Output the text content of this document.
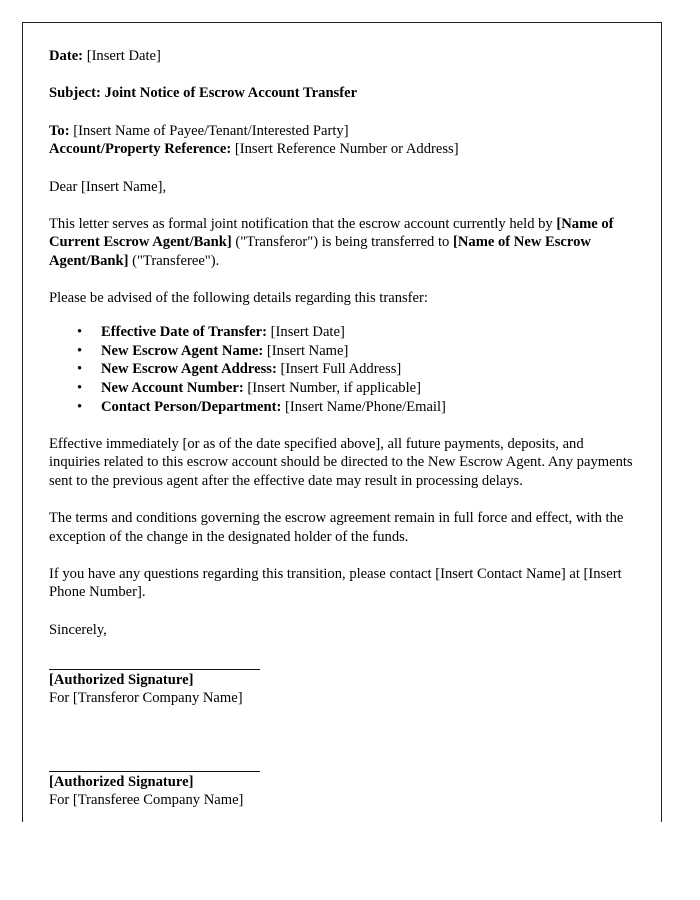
Date: [Insert Date]
Subject: Joint Notice of Escrow Account Transfer
To: [Insert Name of Payee/Tenant/Interested Party]
Account/Property Reference: [Insert Reference Number or Address]
Dear [Insert Name],
This letter serves as formal joint notification that the escrow account currently held by [Name of Current Escrow Agent/Bank] ("Transferor") is being transferred to [Name of New Escrow Agent/Bank] ("Transferee").
Please be advised of the following details regarding this transfer:
• Effective Date of Transfer: [Insert Date]
• New Escrow Agent Name: [Insert Name]
• New Escrow Agent Address: [Insert Full Address]
• New Account Number: [Insert Number, if applicable]
• Contact Person/Department: [Insert Name/Phone/Email]
Effective immediately [or as of the date specified above], all future payments, deposits, and inquiries related to this escrow account should be directed to the New Escrow Agent. Any payments sent to the previous agent after the effective date may result in processing delays.
The terms and conditions governing the escrow agreement remain in full force and effect, with the exception of the change in the designated holder of the funds.
If you have any questions regarding this transition, please contact [Insert Contact Name] at [Insert Phone Number].
Sincerely,
[Authorized Signature]
For [Transferor Company Name]
[Authorized Signature]
For [Transferee Company Name]
